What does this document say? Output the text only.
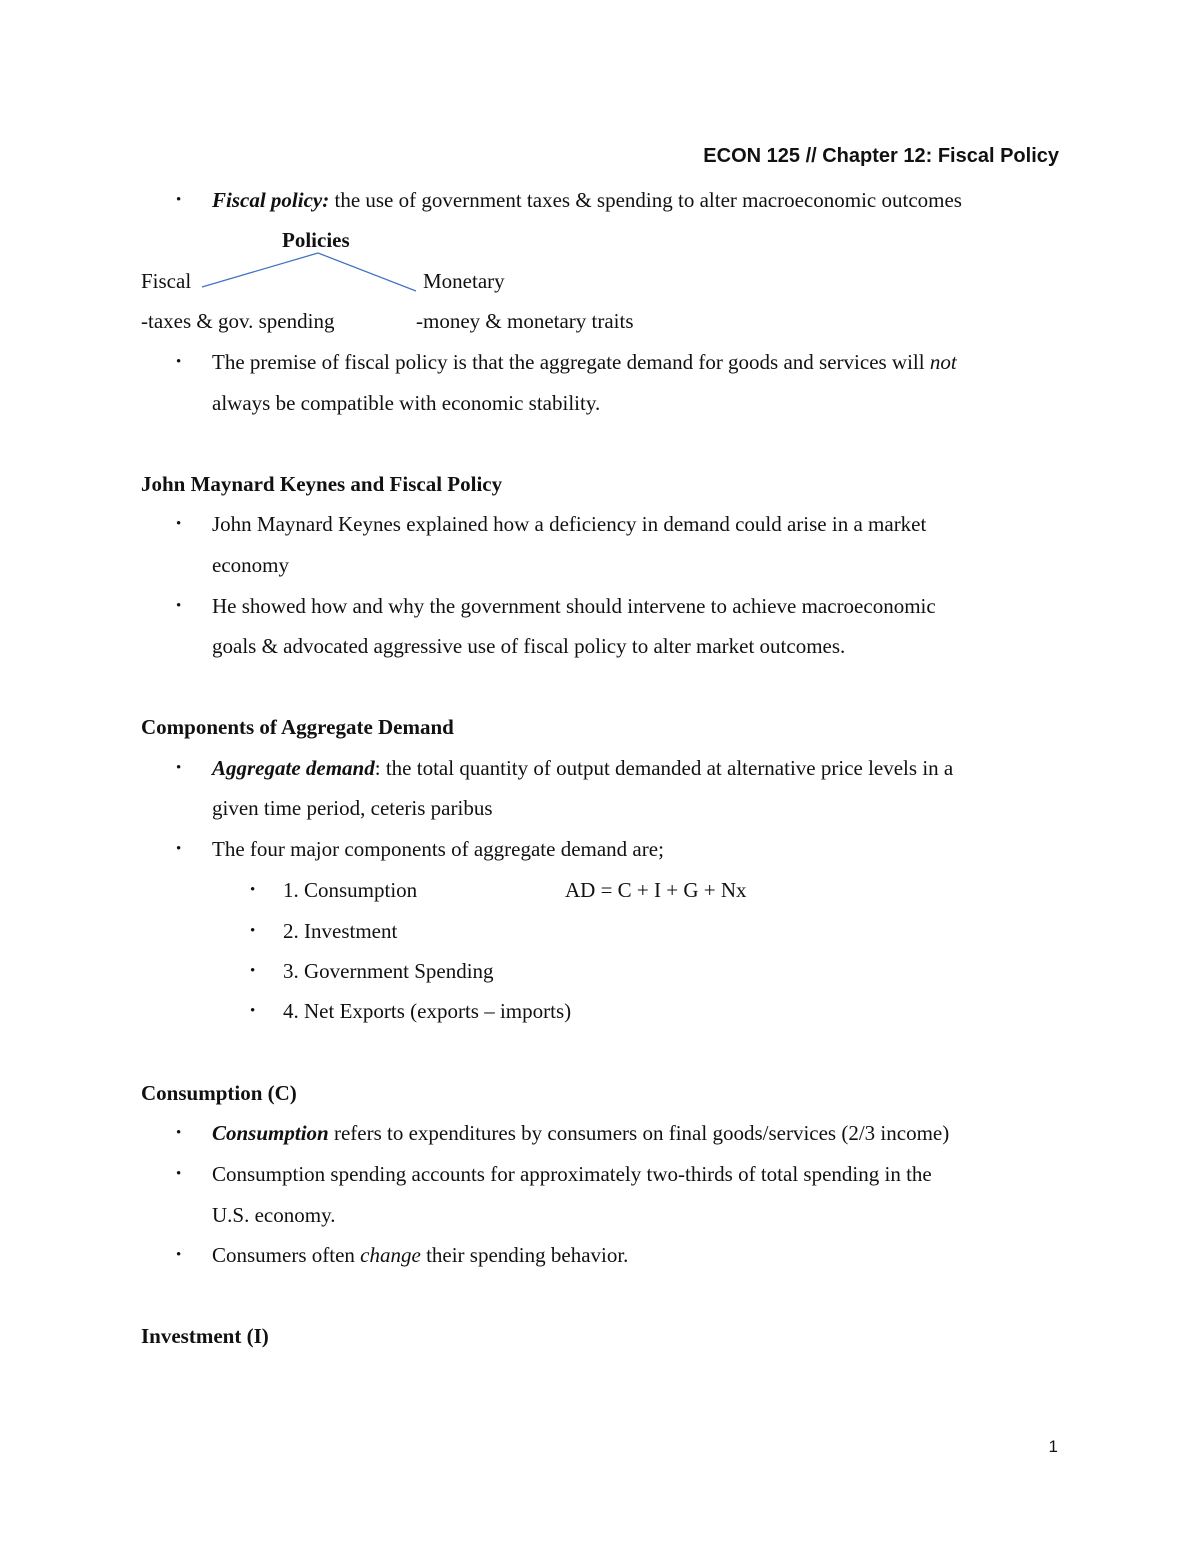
ECON 125 // Chapter 12: Fiscal Policy
• Fiscal policy: the use of government taxes & spending to alter macroeconomic outcomes
Policies
Fiscal	Monetary
-taxes & gov. spending	-money & monetary traits
• The premise of fiscal policy is that the aggregate demand for goods and services will not
always be compatible with economic stability.
John Maynard Keynes and Fiscal Policy
• John Maynard Keynes explained how a deficiency in demand could arise in a market
economy
• He showed how and why the government should intervene to achieve macroeconomic
goals & advocated aggressive use of fiscal policy to alter market outcomes.
Components of Aggregate Demand
• Aggregate demand: the total quantity of output demanded at alternative price levels in a
given time period, ceteris paribus
• The four major components of aggregate demand are;
• 1. Consumption	AD = C + I + G + Nx
• 2. Investment
• 3. Government Spending
• 4. Net Exports (exports – imports)
Consumption (C)
• Consumption refers to expenditures by consumers on final goods/services (2/3 income)
• Consumption spending accounts for approximately two-thirds of total spending in the
U.S. economy.
• Consumers often change their spending behavior.
Investment (I)
1
